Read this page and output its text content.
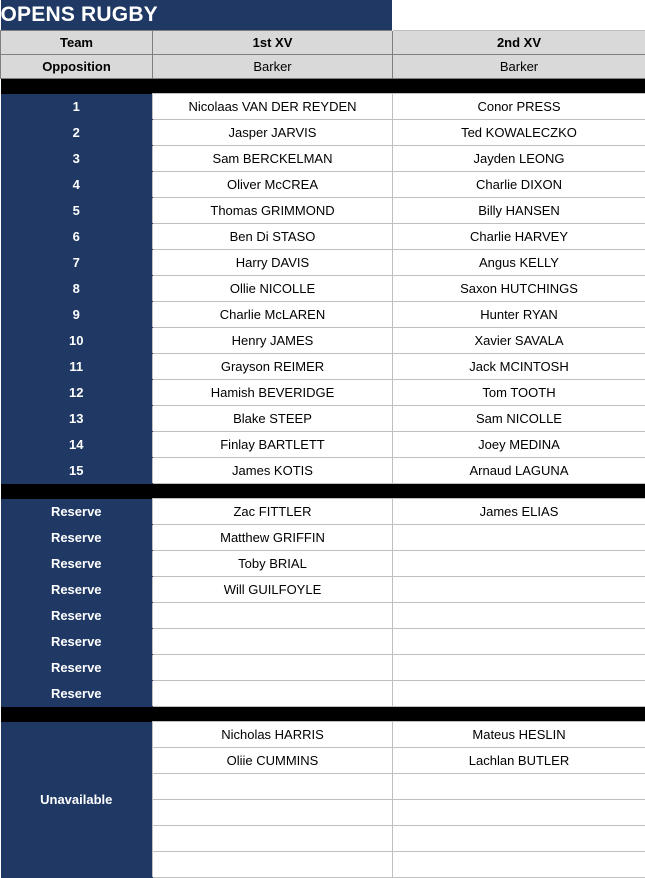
OPENS RUGBY		
Team	1st XV	2nd XV
Opposition	Barker	Barker

1	Nicolaas VAN DER REYDEN	Conor PRESS
2	Jasper JARVIS	Ted KOWALECZKO
3	Sam BERCKELMAN	Jayden LEONG
4	Oliver McCREA	Charlie DIXON
5	Thomas GRIMMOND	Billy HANSEN
6	Ben Di STASO	Charlie HARVEY
7	Harry DAVIS	Angus KELLY
8	Ollie NICOLLE	Saxon HUTCHINGS
9	Charlie McLAREN	Hunter RYAN
10	Henry JAMES	Xavier SAVALA
11	Grayson REIMER	Jack MCINTOSH
12	Hamish BEVERIDGE	Tom TOOTH
13	Blake STEEP	Sam NICOLLE
14	Finlay BARTLETT	Joey MEDINA
15	James KOTIS	Arnaud LAGUNA

Reserve	Zac FITTLER	James ELIAS
Reserve	Matthew GRIFFIN	
Reserve	Toby BRIAL	
Reserve	Will GUILFOYLE	
Reserve		
Reserve		
Reserve		
Reserve		

Unavailable	Nicholas HARRIS	Mateus HESLIN
	Oliie CUMMINS	Lachlan BUTLER
